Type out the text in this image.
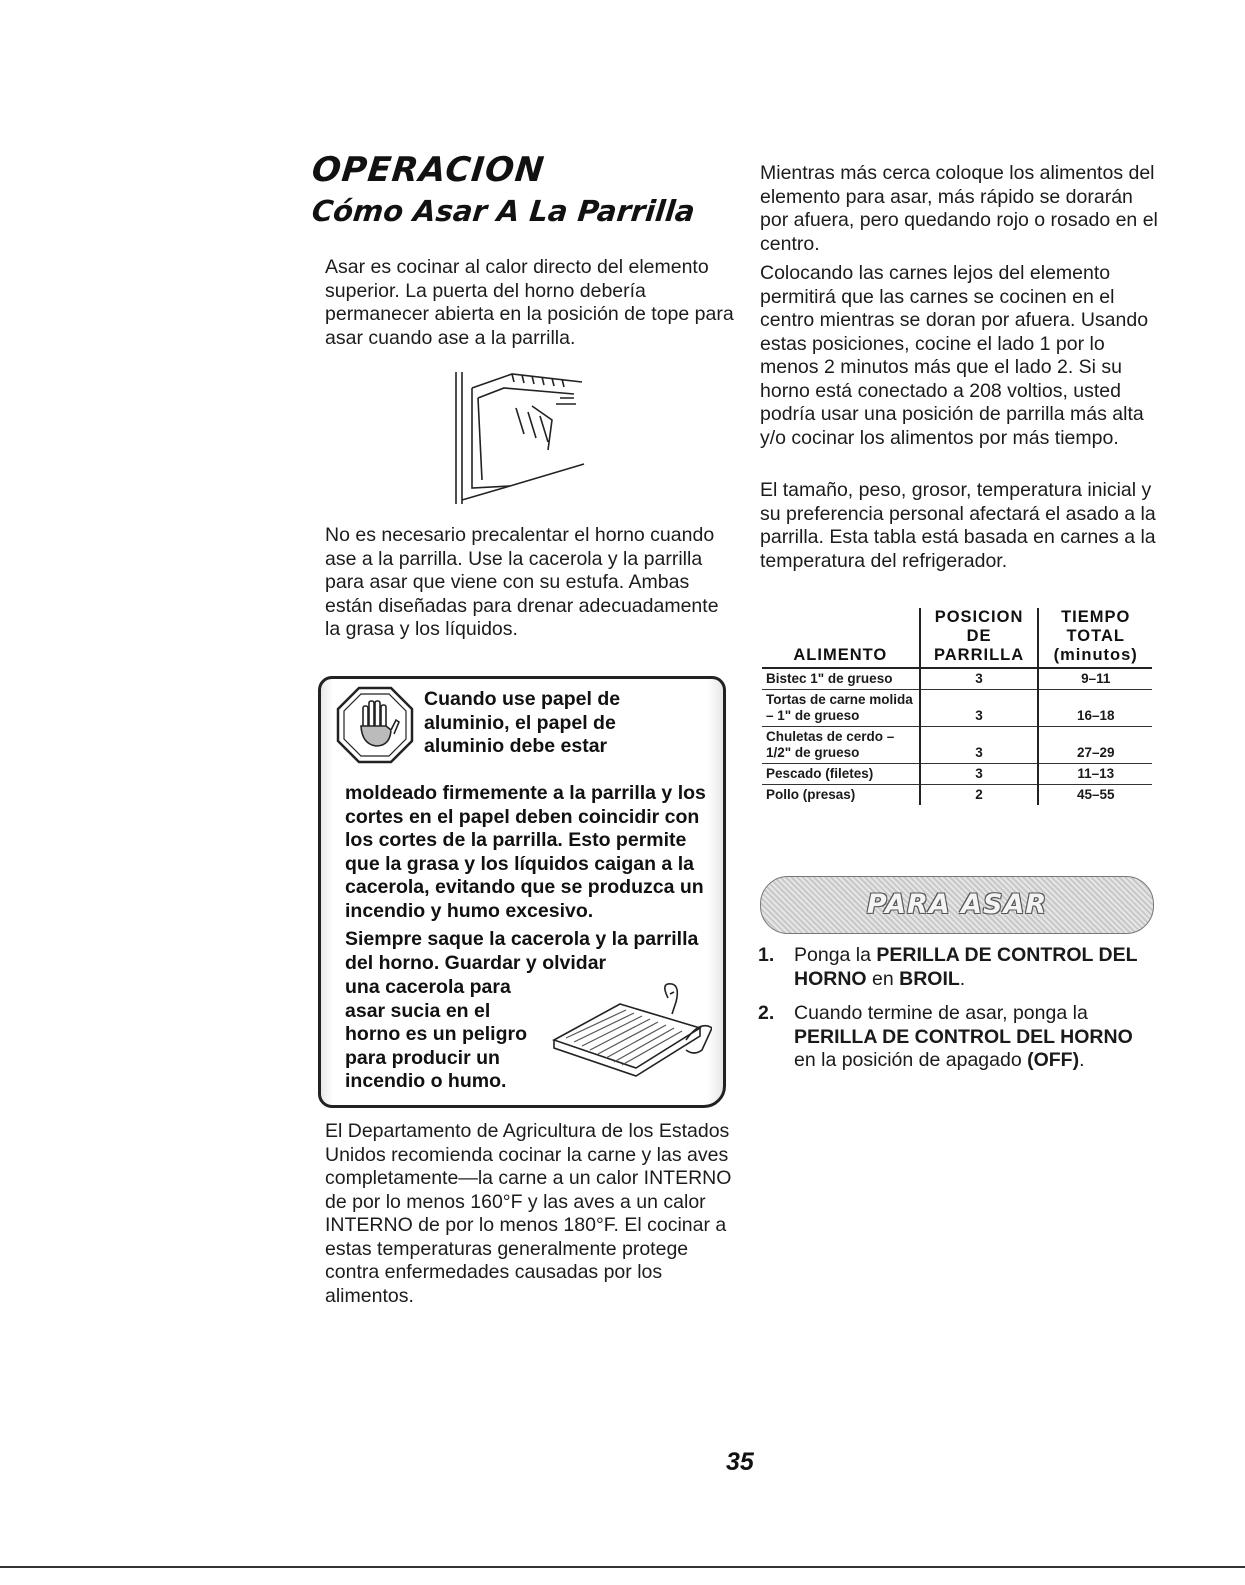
OPERACION
Cómo Asar A La Parrilla
Asar es cocinar al calor directo del elemento superior. La puerta del horno debería permanecer abierta en la posición de tope para asar cuando ase a la parrilla.
No es necesario precalentar el horno cuando ase a la parrilla. Use la cacerola y la parrilla para asar que viene con su estufa. Ambas están diseñadas para drenar adecuadamente la grasa y los líquidos.
Cuando use papel de aluminio, el papel de aluminio debe estar
moldeado firmemente a la parrilla y los cortes en el papel deben coincidir con los cortes de la parrilla. Esto permite que la grasa y los líquidos caigan a la cacerola, evitando que se produzca un incendio y humo excesivo.
Siempre saque la cacerola y la parrilla del horno. Guardar y olvidar
una cacerola para asar sucia en el horno es un peligro para producir un incendio o humo.
El Departamento de Agricultura de los Estados Unidos recomienda cocinar la carne y las aves completamente—la carne a un calor INTERNO de por lo menos 160°F y las aves a un calor INTERNO de por lo menos 180°F. El cocinar a estas temperaturas generalmente protege contra enfermedades causadas por los alimentos.
Mientras más cerca coloque los alimentos del elemento para asar, más rápido se dorarán por afuera, pero quedando rojo o rosado en el centro.
Colocando las carnes lejos del elemento permitirá que las carnes se cocinen en el centro mientras se doran por afuera. Usando estas posiciones, cocine el lado 1 por lo menos 2 minutos más que el lado 2. Si su horno está conectado a 208 voltios, usted podría usar una posición de parrilla más alta y/o cocinar los alimentos por más tiempo.
El tamaño, peso, grosor, temperatura inicial y su preferencia personal afectará el asado a la parrilla. Esta tabla está basada en carnes a la temperatura del refrigerador.
ALIMENTO	POSICION DE PARRILLA	TIEMPO TOTAL (minutos)
Bistec 1" de grueso	3	9–11
Tortas de carne molida – 1" de grueso	3	16–18
Chuletas de cerdo – 1/2" de grueso	3	27–29
Pescado (filetes)	3	11–13
Pollo (presas)	2	45–55
PARA ASAR
1. Ponga la PERILLA DE CONTROL DEL HORNO en BROIL.
2. Cuando termine de asar, ponga la PERILLA DE CONTROL DEL HORNO en la posición de apagado (OFF).
35
